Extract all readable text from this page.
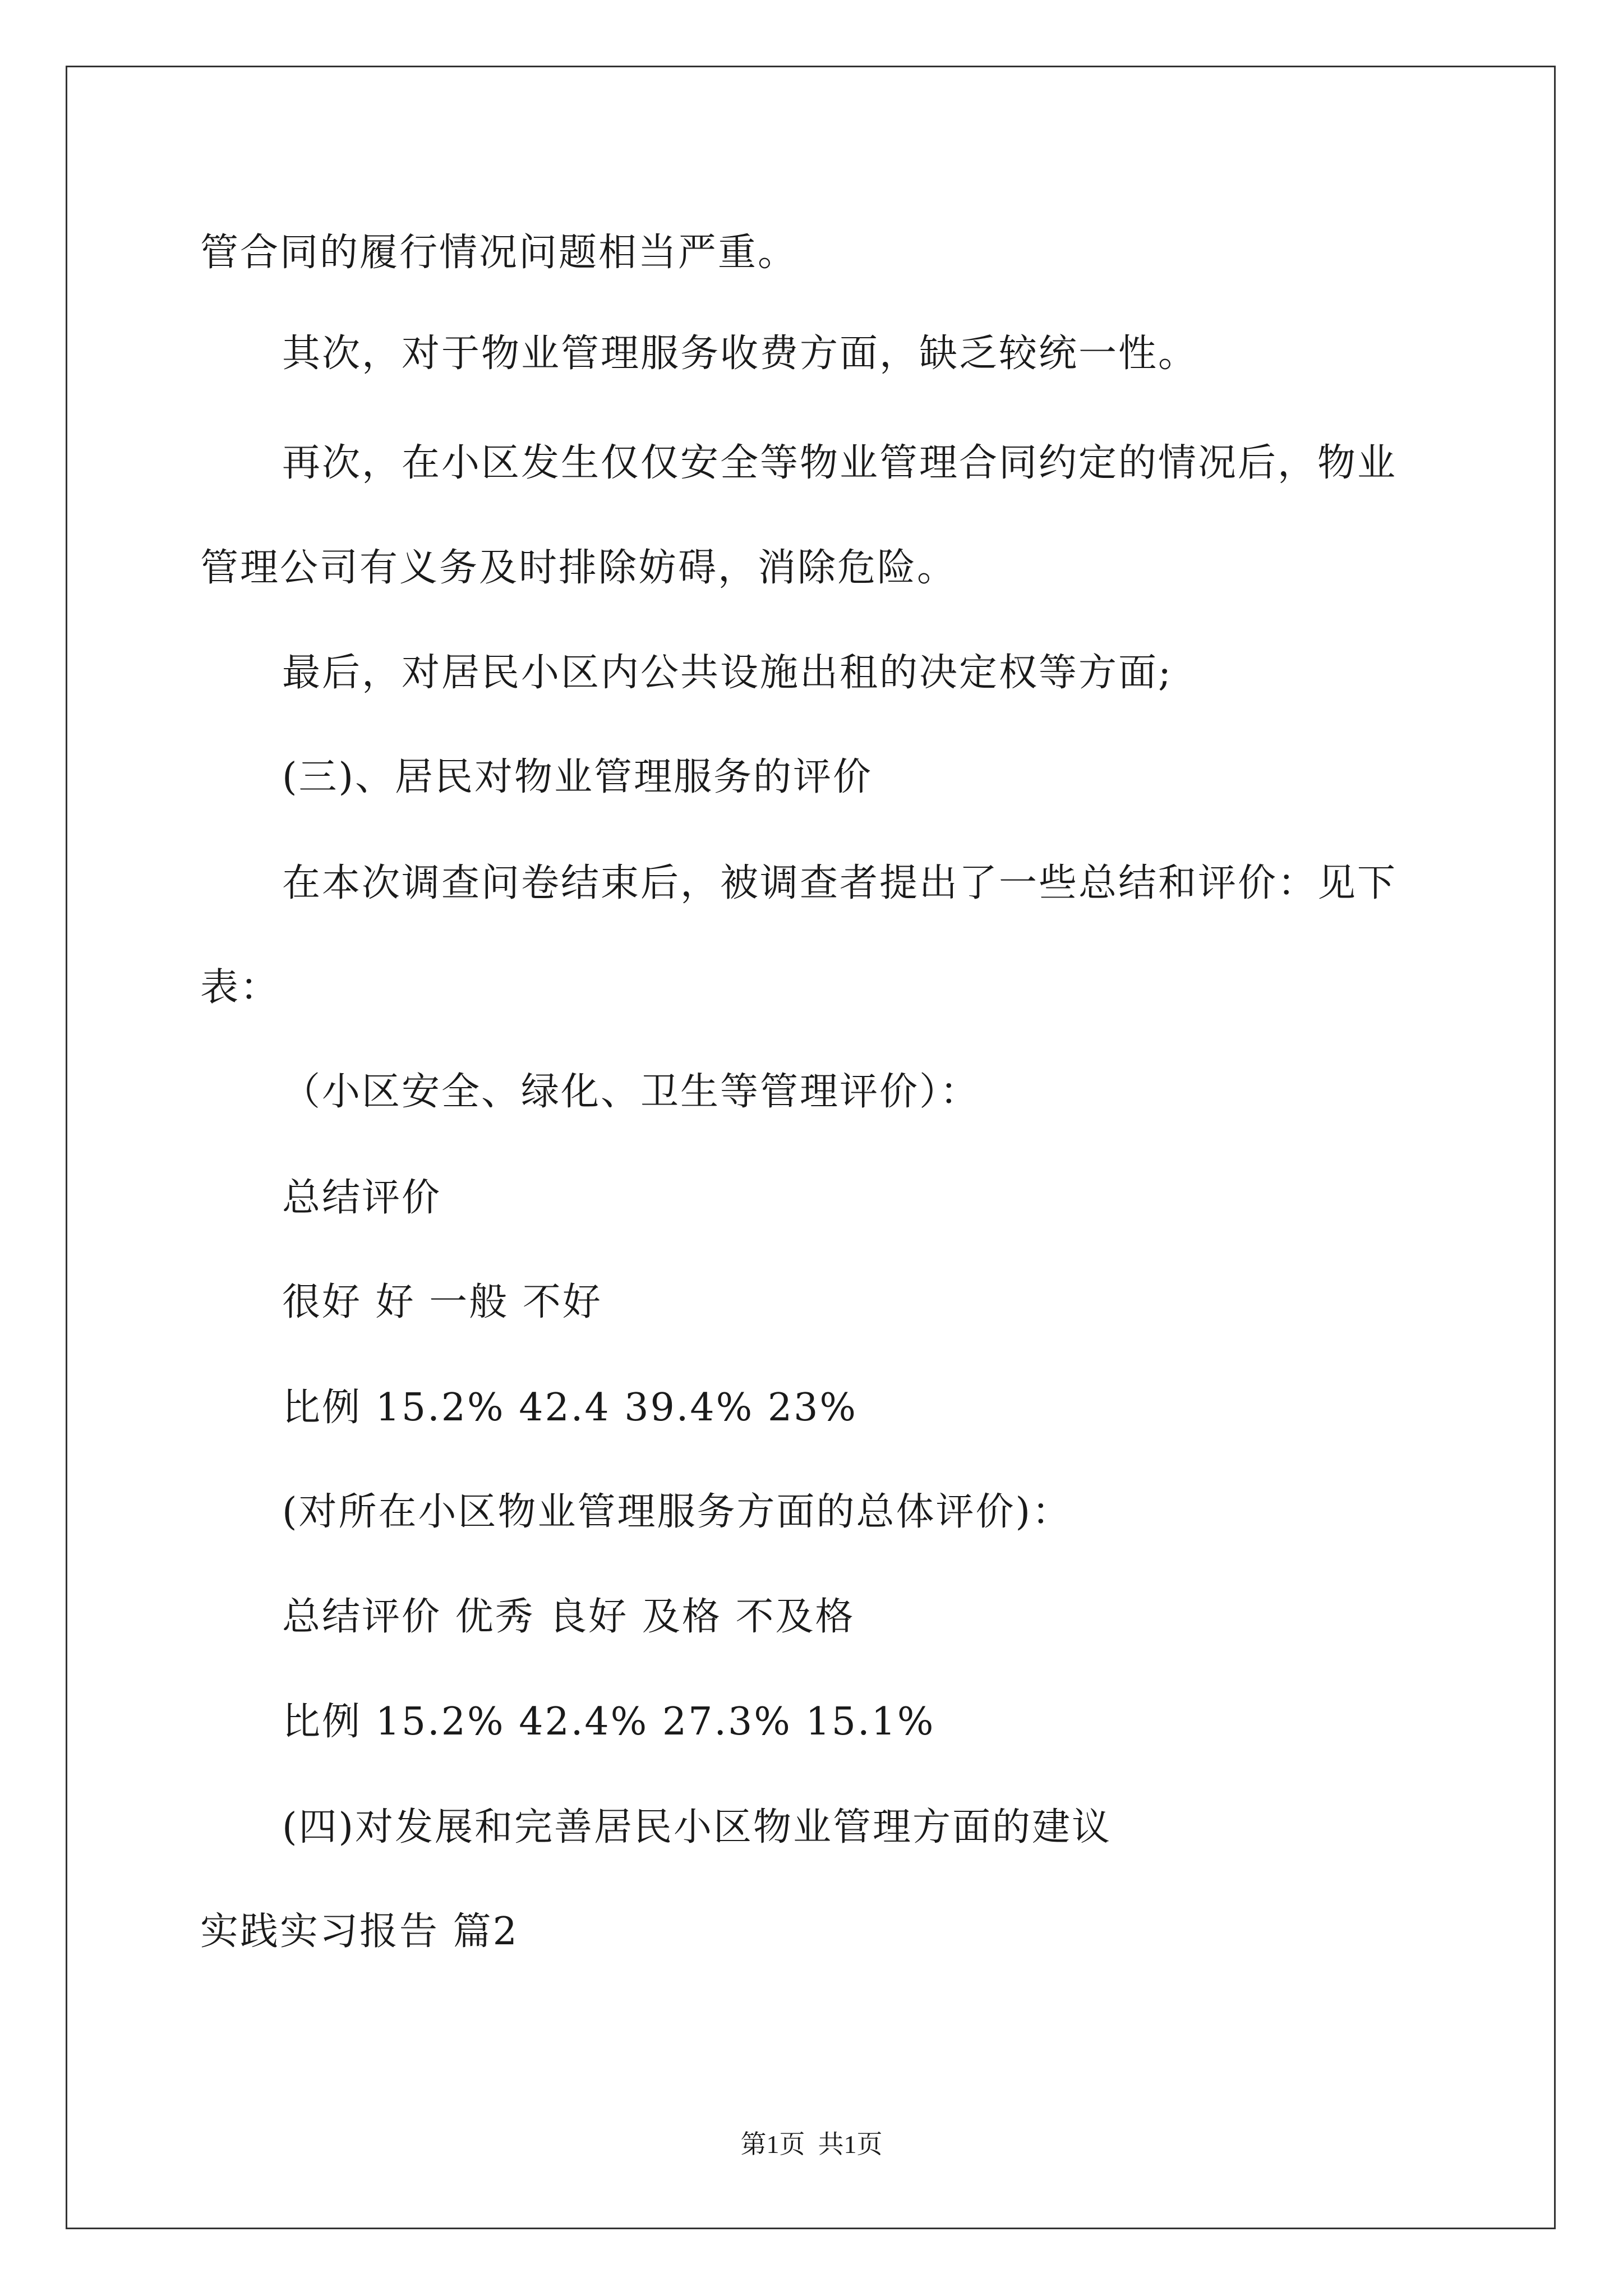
管合同的履行情况问题相当严重。
其次，对于物业管理服务收费方面，缺乏较统一性。
再次，在小区发生仅仅安全等物业管理合同约定的情况后，物业
管理公司有义务及时排除妨碍，消除危险。
最后，对居民小区内公共设施出租的决定权等方面;
(三)、居民对物业管理服务的评价
在本次调查问卷结束后，被调查者提出了一些总结和评价：见下
表：
（小区安全、绿化、卫生等管理评价）：
总结评价
很好 好 一般 不好
比例 15.2% 42.4 39.4% 23%
(对所在小区物业管理服务方面的总体评价)：
总结评价 优秀 良好 及格 不及格
比例 15.2% 42.4% 27.3% 15.1%
(四)对发展和完善居民小区物业管理方面的建议
实践实习报告 篇2
第1页  共1页
